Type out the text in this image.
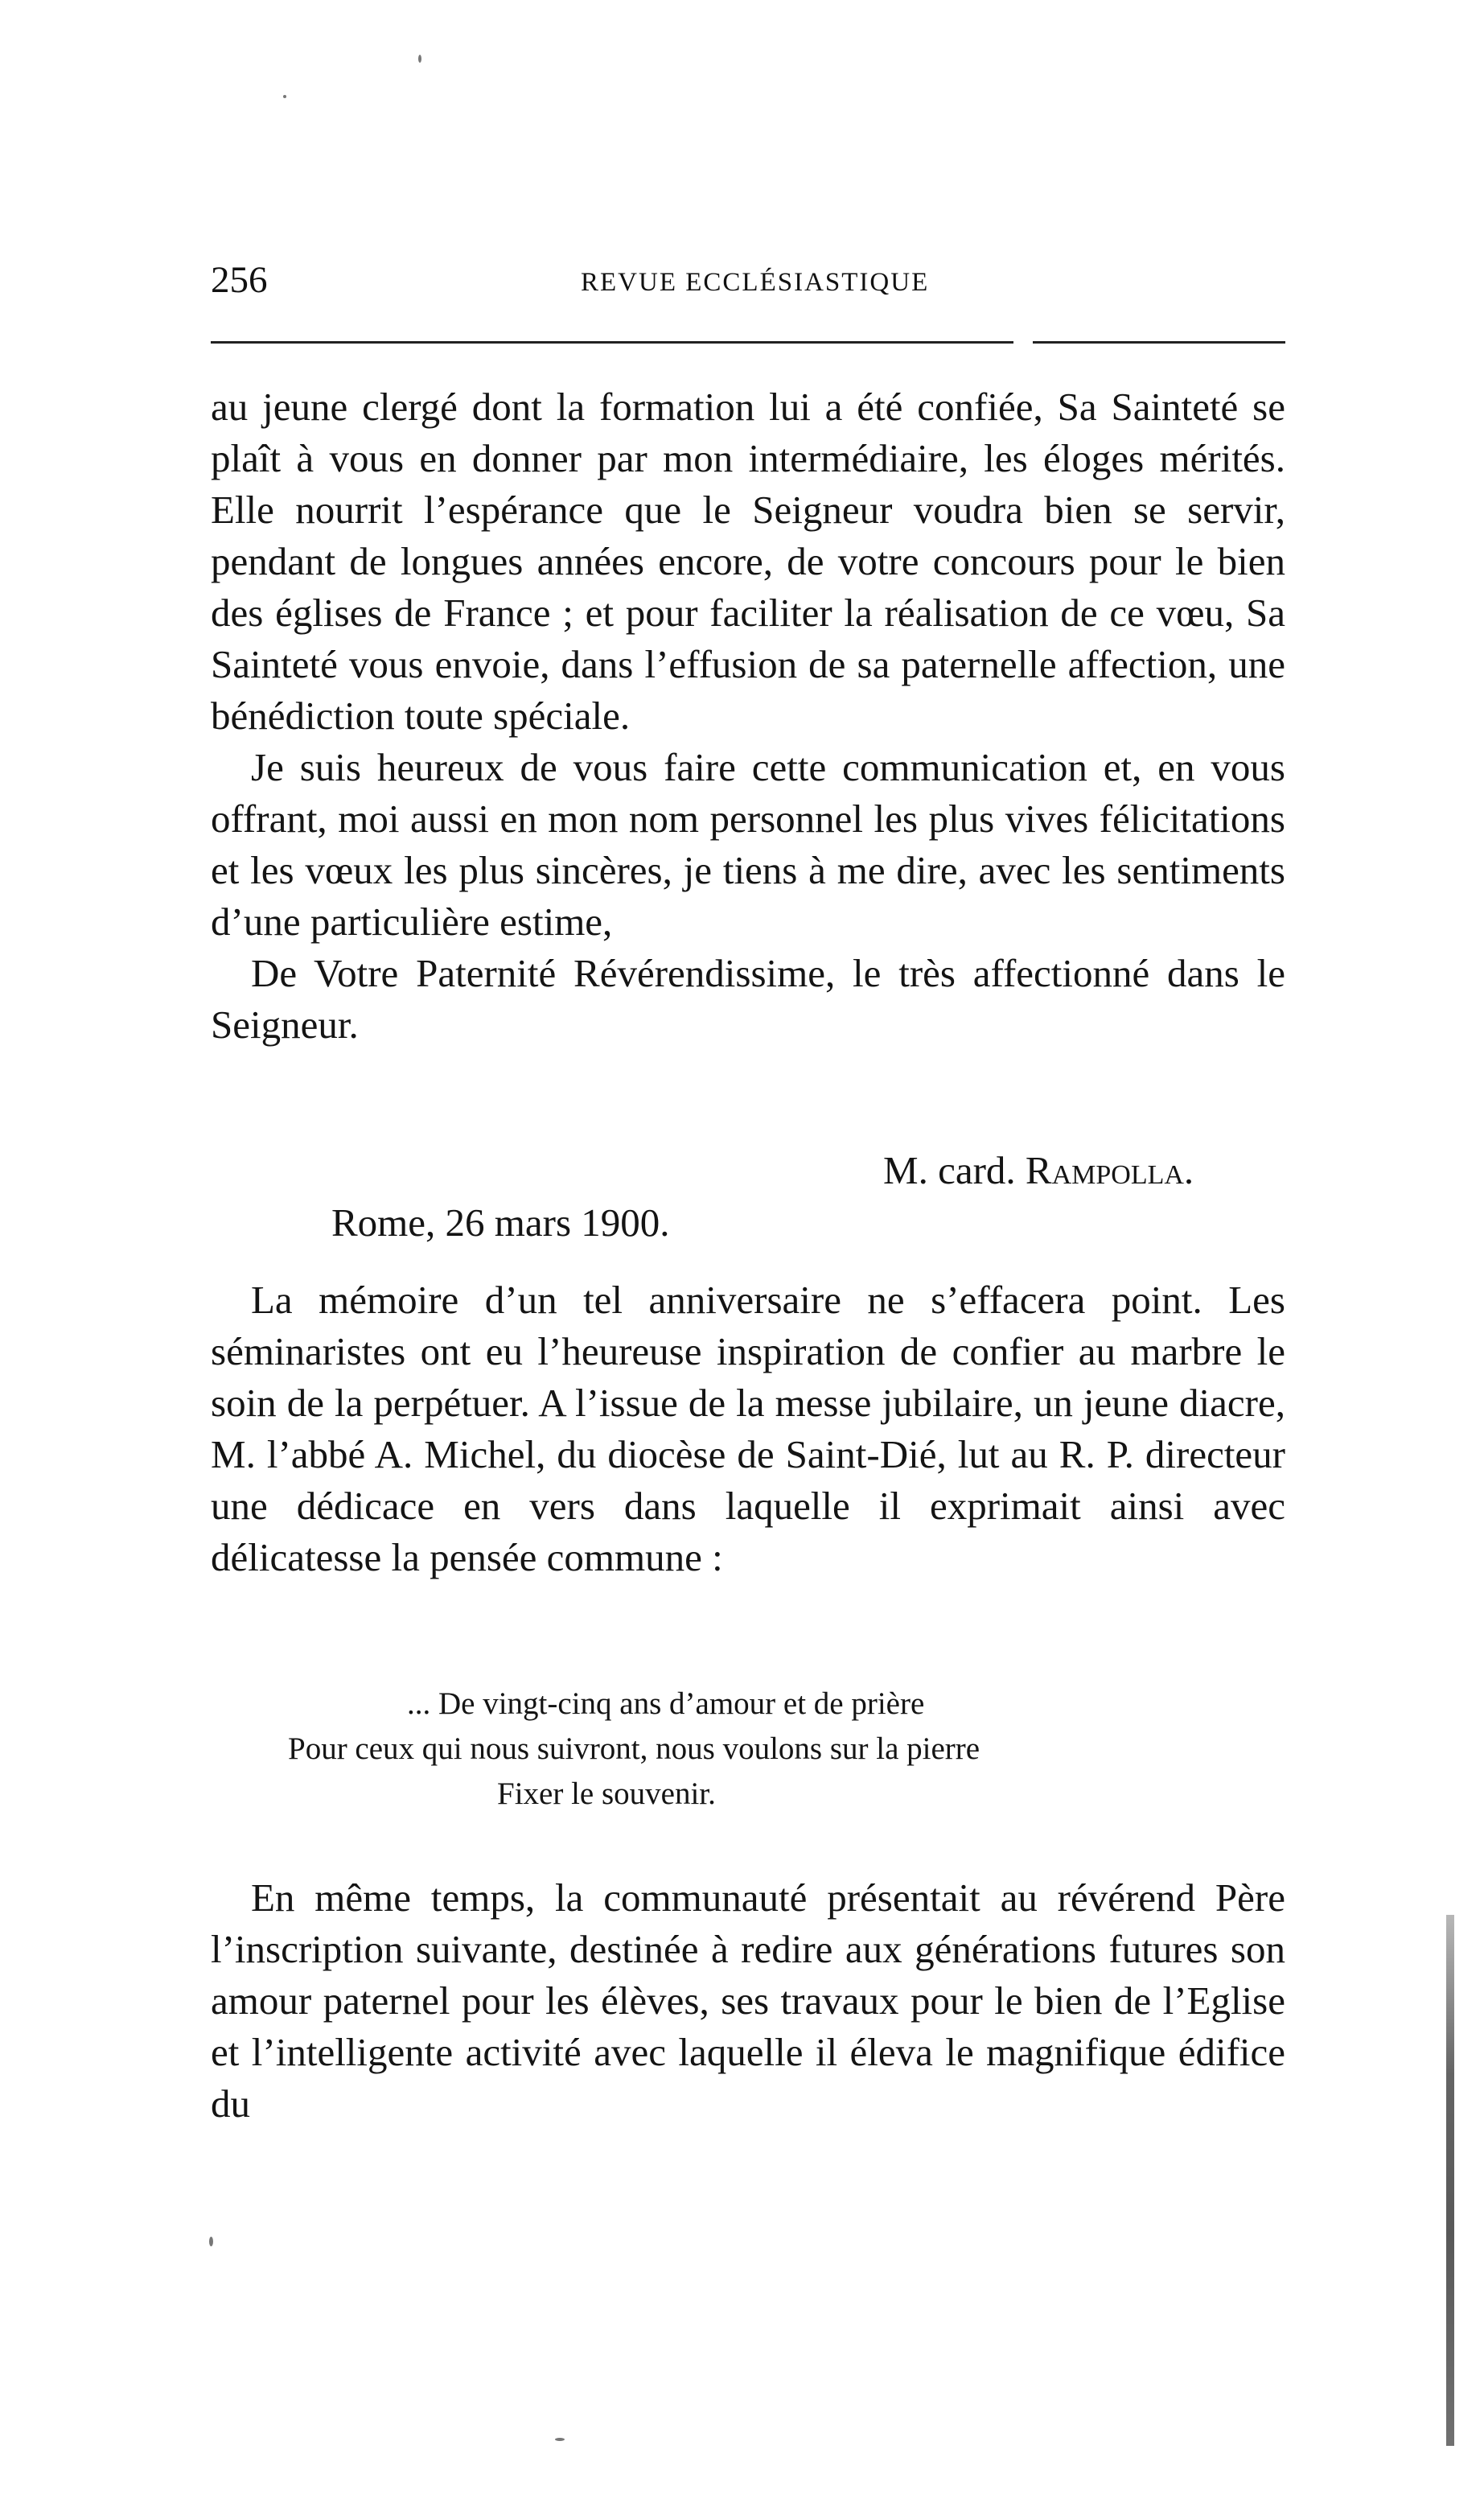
256	REVUE ECCLÉSIASTIQUE

au jeune clergé dont la formation lui a été confiée, Sa Sainteté se plaît à vous en donner par mon intermédiaire, les éloges mérités. Elle nourrit l’espérance que le Seigneur voudra bien se servir, pendant de longues années encore, de votre concours pour le bien des églises de France ; et pour faciliter la réalisation de ce vœu, Sa Sainteté vous envoie, dans l’effusion de sa paternelle affection, une bénédiction toute spéciale.

Je suis heureux de vous faire cette communication et, en vous offrant, moi aussi en mon nom personnel les plus vives félicitations et les vœux les plus sincères, je tiens à me dire, avec les sentiments d’une particulière estime,

De Votre Paternité Révérendissime, le très affectionné dans le Seigneur.

M. card. Rampolla.
Rome, 26 mars 1900.

La mémoire d’un tel anniversaire ne s’effacera point. Les séminaristes ont eu l’heureuse inspiration de confier au marbre le soin de la perpétuer. A l’issue de la messe jubilaire, un jeune diacre, M. l’abbé A. Michel, du diocèse de Saint-Dié, lut au R. P. directeur une dédicace en vers dans laquelle il exprimait ainsi avec délicatesse la pensée commune :

... De vingt-cinq ans d’amour et de prière
Pour ceux qui nous suivront, nous voulons sur la pierre
Fixer le souvenir.

En même temps, la communauté présentait au révérend Père l’inscription suivante, destinée à redire aux générations futures son amour paternel pour les élèves, ses travaux pour le bien de l’Eglise et l’intelligente activité avec laquelle il éleva le magnifique édifice du
